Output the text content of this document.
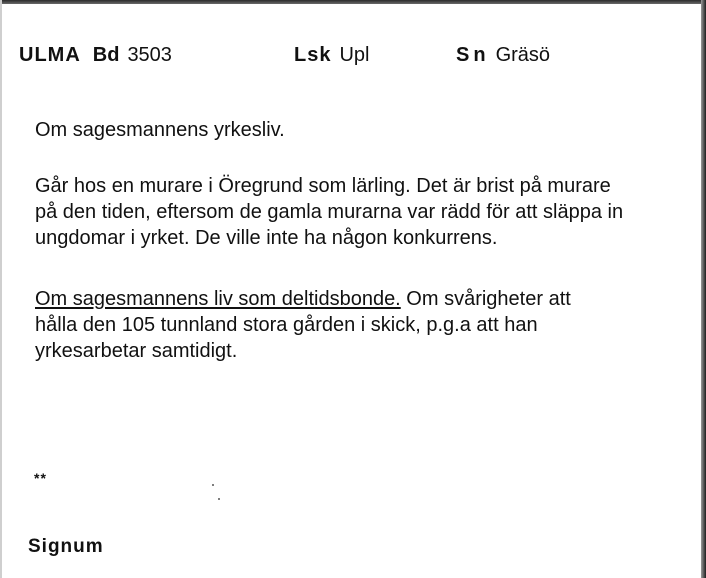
ULMA Bd 3503	Lsk Upl	Sn Gräsö

Om sagesmannens yrkesliv.

Går hos en murare i Öregrund som lärling. Det är brist på murare
på den tiden, eftersom de gamla murarna var rädd för att släppa in
ungdomar i yrket. De ville inte ha någon konkurrens.
Om sagesmannens liv som deltidsbonde. Om svårigheter att
hålla den 105 tunnland stora gården i skick, p.g.a att han
yrkesarbetar samtidigt.
**
Signum
